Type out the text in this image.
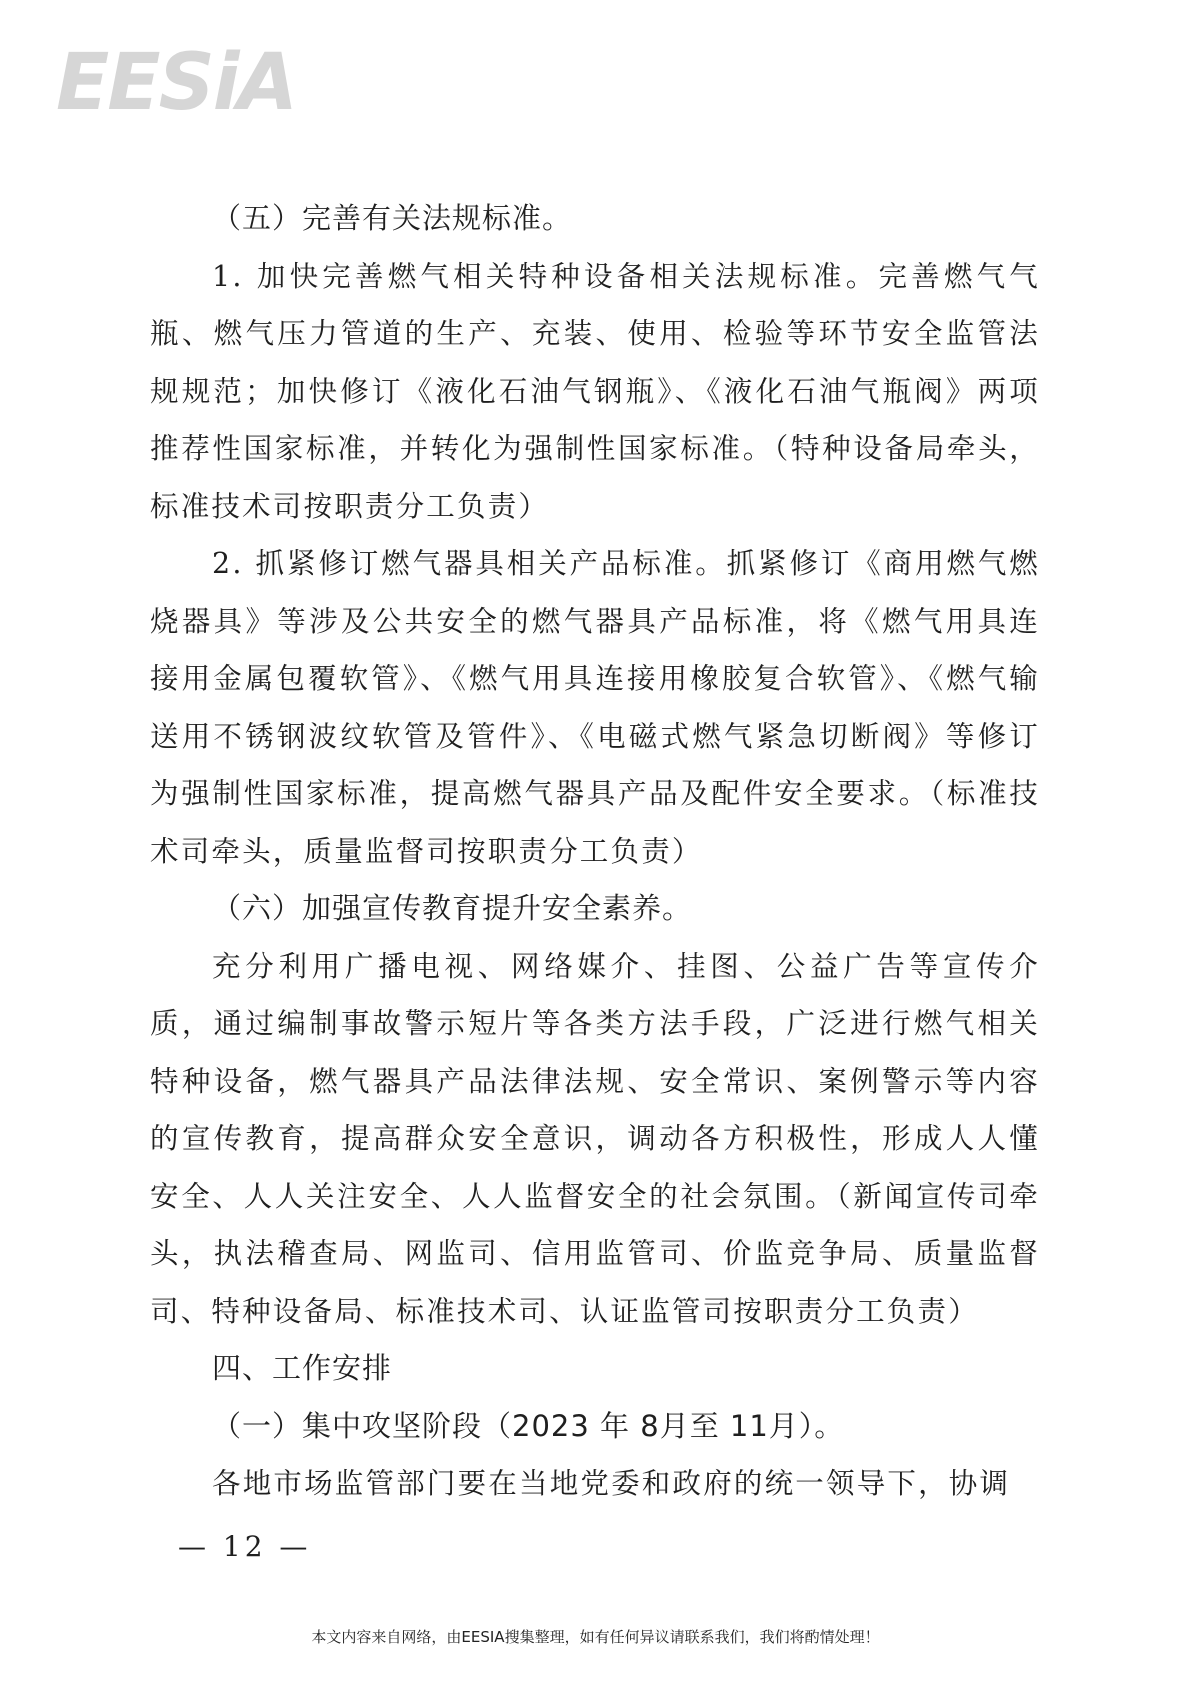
EESiA

（五）完善有关法规标准。

1. 加快完善燃气相关特种设备相关法规标准。完善燃气气瓶、燃气压力管道的生产、充装、使用、检验等环节安全监管法规规范；加快修订《液化石油气钢瓶》、《液化石油气瓶阀》两项推荐性国家标准，并转化为强制性国家标准。（特种设备局牵头，标准技术司按职责分工负责）

2. 抓紧修订燃气器具相关产品标准。抓紧修订《商用燃气燃烧器具》等涉及公共安全的燃气器具产品标准，将《燃气用具连接用金属包覆软管》、《燃气用具连接用橡胶复合软管》、《燃气输送用不锈钢波纹软管及管件》、《电磁式燃气紧急切断阀》等修订为强制性国家标准，提高燃气器具产品及配件安全要求。（标准技术司牵头，质量监督司按职责分工负责）

（六）加强宣传教育提升安全素养。

充分利用广播电视、网络媒介、挂图、公益广告等宣传介质，通过编制事故警示短片等各类方法手段，广泛进行燃气相关特种设备，燃气器具产品法律法规、安全常识、案例警示等内容的宣传教育，提高群众安全意识，调动各方积极性，形成人人懂安全、人人关注安全、人人监督安全的社会氛围。（新闻宣传司牵头，执法稽查局、网监司、信用监管司、价监竞争局、质量监督司、特种设备局、标准技术司、认证监管司按职责分工负责）

四、工作安排

（一）集中攻坚阶段（2023 年 8月至 11月）。

各地市场监管部门要在当地党委和政府的统一领导下，协调

— 12 —
本文内容来自网络，由EESIA搜集整理，如有任何异议请联系我们，我们将酌情处理！
